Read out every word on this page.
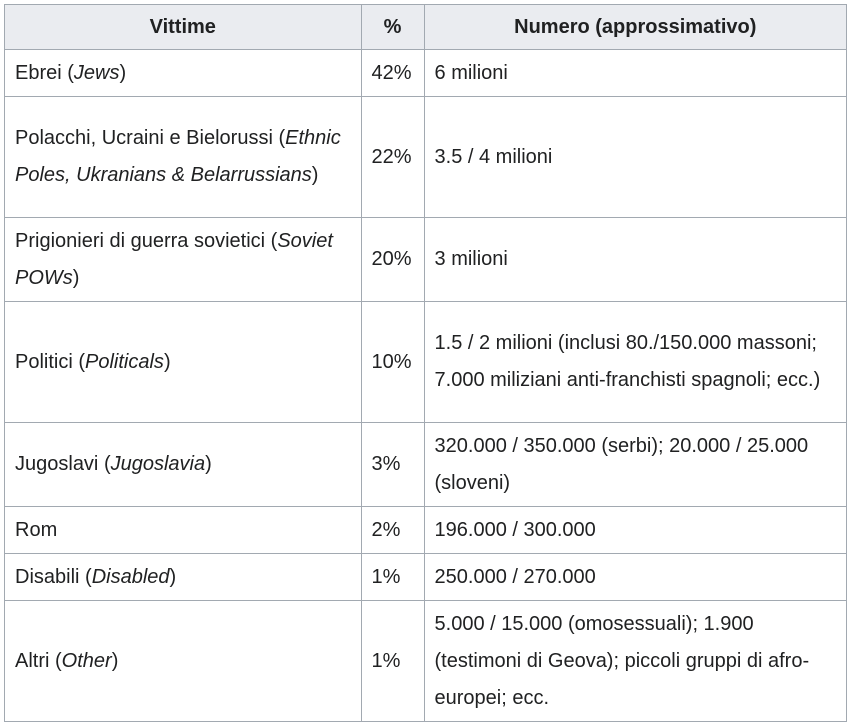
Vittime	%	Numero (approssimativo)
Ebrei (Jews)	42%	6 milioni
Polacchi, Ucraini e Bielorussi (Ethnic Poles, Ukranians & Belarrussians)	22%	3.5 / 4 milioni
Prigionieri di guerra sovietici (Soviet POWs)	20%	3 milioni
Politici (Politicals)	10%	1.5 / 2 milioni (inclusi 80./150.000 massoni; 7.000 miliziani anti-franchisti spagnoli; ecc.)
Jugoslavi (Jugoslavia)	3%	320.000 / 350.000 (serbi); 20.000 / 25.000 (sloveni)
Rom	2%	196.000 / 300.000
Disabili (Disabled)	1%	250.000 / 270.000
Altri (Other)	1%	5.000 / 15.000 (omosessuali); 1.900 (testimoni di Geova); piccoli gruppi di afro-europei; ecc.
